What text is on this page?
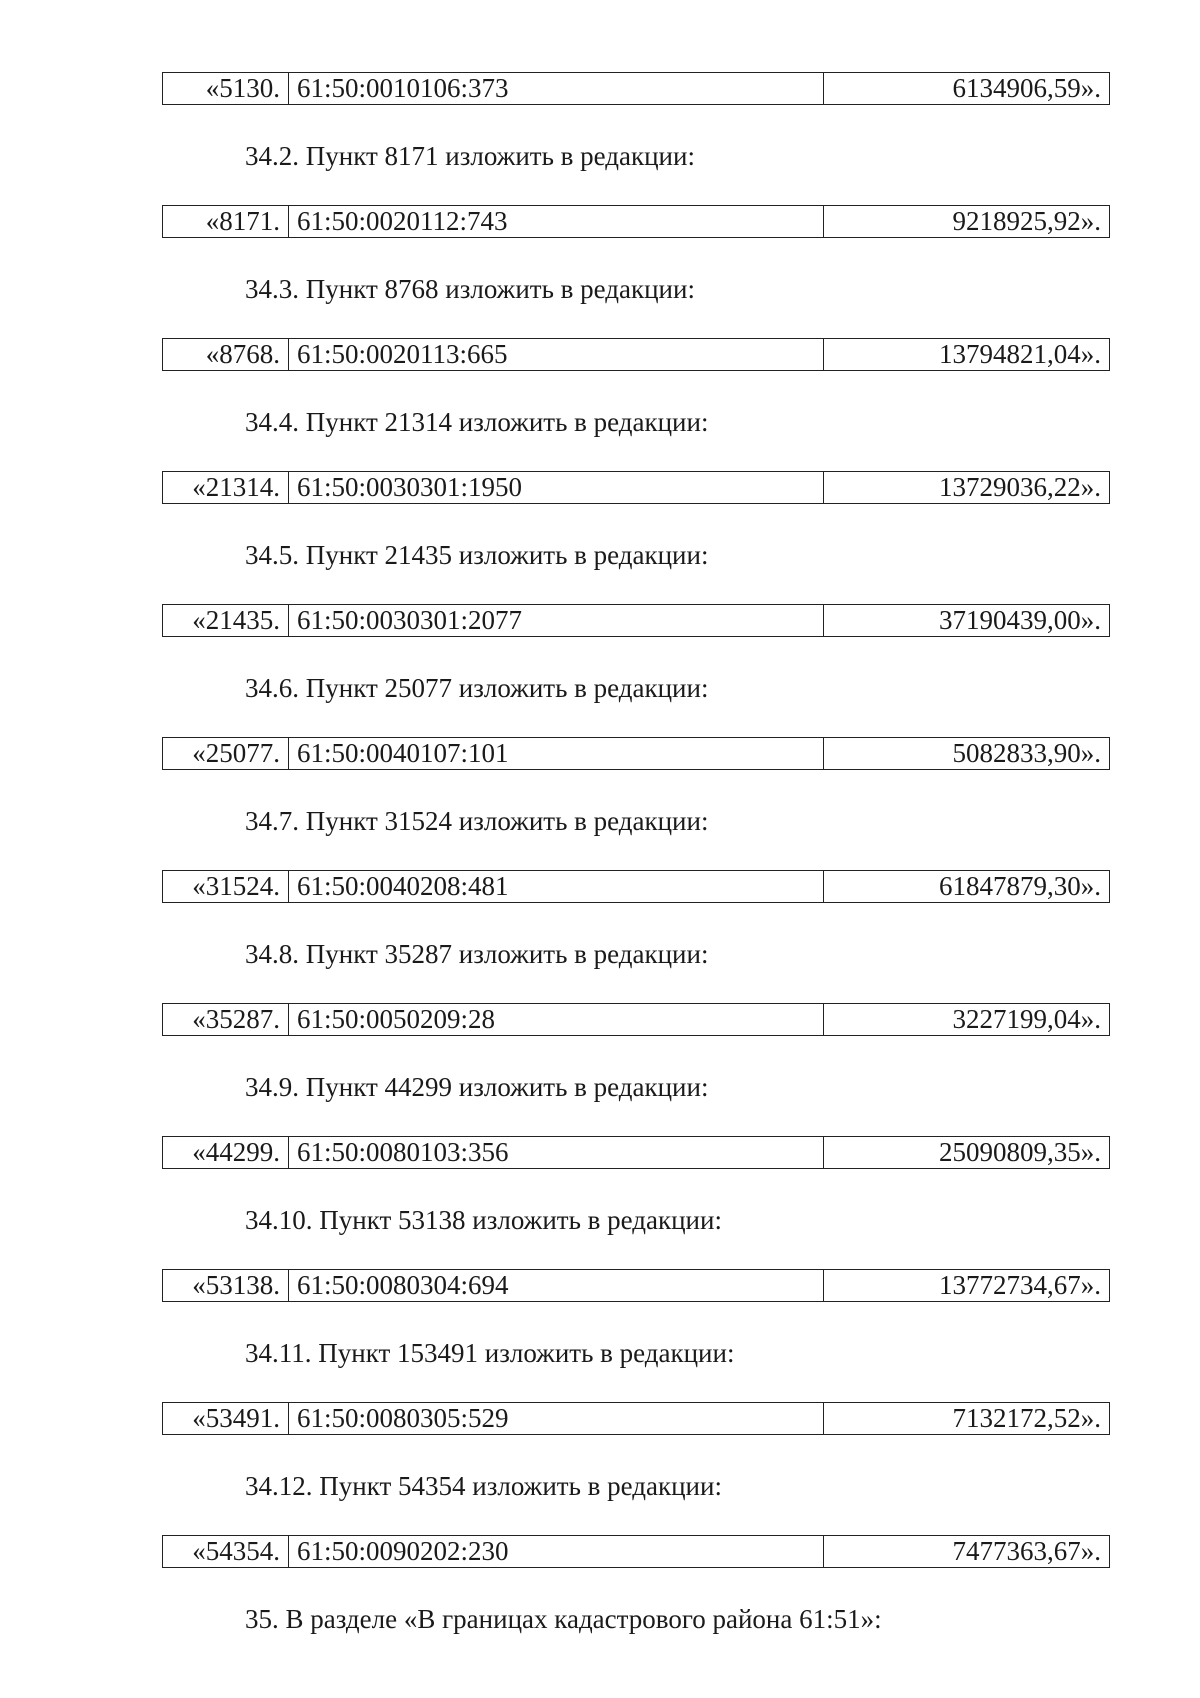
«5130.	61:50:0010106:373	6134906,59».
34.2. Пункт 8171 изложить в редакции:
«8171.	61:50:0020112:743	9218925,92».
34.3. Пункт 8768 изложить в редакции:
«8768.	61:50:0020113:665	13794821,04».
34.4. Пункт 21314 изложить в редакции:
«21314.	61:50:0030301:1950	13729036,22».
34.5. Пункт 21435 изложить в редакции:
«21435.	61:50:0030301:2077	37190439,00».
34.6. Пункт 25077 изложить в редакции:
«25077.	61:50:0040107:101	5082833,90».
34.7. Пункт 31524 изложить в редакции:
«31524.	61:50:0040208:481	61847879,30».
34.8. Пункт 35287 изложить в редакции:
«35287.	61:50:0050209:28	3227199,04».
34.9. Пункт 44299 изложить в редакции:
«44299.	61:50:0080103:356	25090809,35».
34.10. Пункт 53138 изложить в редакции:
«53138.	61:50:0080304:694	13772734,67».
34.11. Пункт 153491 изложить в редакции:
«53491.	61:50:0080305:529	7132172,52».
34.12. Пункт 54354 изложить в редакции:
«54354.	61:50:0090202:230	7477363,67».
35. В разделе «В границах кадастрового района 61:51»:
